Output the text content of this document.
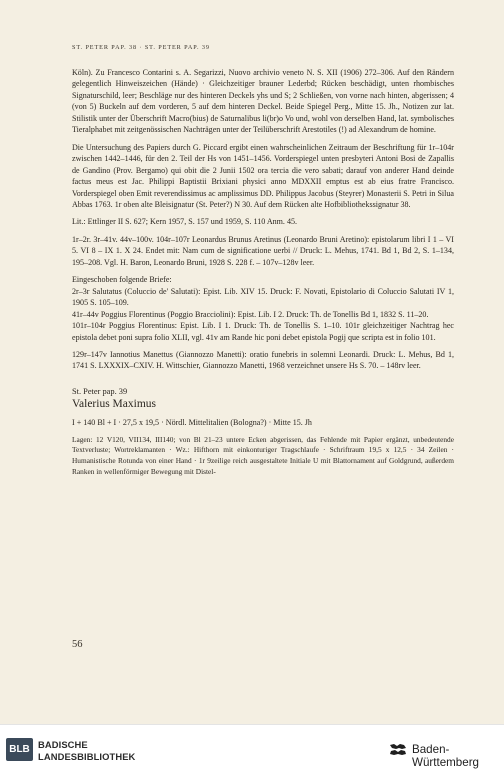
ST. PETER PAP. 38 · ST. PETER PAP. 39

Köln). Zu Francesco Contarini s. A. Segarizzi, Nuovo archivio veneto N. S. XII (1906) 272–306. Auf den Rändern gelegentlich Hinweiszeichen (Hände) · Gleichzeitiger brauner Lederbd; Rücken beschädigt, unten rhombisches Signaturschild, leer; Beschläge nur des hinteren Deckels yhs und S; 2 Schließen, von vorne nach hinten, abgerissen; 4 (von 5) Buckeln auf dem vorderen, 5 auf dem hinteren Deckel. Beide Spiegel Perg., Mitte 15. Jh., Notizen zur lat. Stilistik unter der Überschrift Macro(bius) de Saturnalibus li(br)o Vo und, wohl von derselben Hand, lat. symbolisches Tieralphabet mit zeitgenössischen Nachträgen unter der Teilüberschrift Arestotiles (!) ad Alexandrum de homine.

Die Untersuchung des Papiers durch G. Piccard ergibt einen wahrscheinlichen Zeitraum der Beschriftung für 1r–104r zwischen 1442–1446, für den 2. Teil der Hs von 1451–1456. Vorderspiegel unten presbyteri Antoni Bosi de Zapallis de Gandino (Prov. Bergamo) qui obit die 2 Junii 1502 ora tercia die vero sabati; darauf von anderer Hand deinde factus meus est Jac. Philippi Baptistii Brixiani physici anno MDXXII emptus est ab eius fratre Francisco. Vorderspiegel oben Emit reverendissimus ac amplissimus DD. Philippus Jacobus (Steyrer) Monasterii S. Petri in Silua Abbas 1763. 1r oben alte Bleisignatur (St. Peter?) N 30. Auf dem Rücken alte Hofbibliothekssignatur 38.

Lit.: Ettlinger II S. 627; Kern 1957, S. 157 und 1959, S. 110 Anm. 45.

1r–2r. 3r–41v. 44v–100v. 104r–107r Leonardus Brunus Aretinus (Leonardo Bruni Aretino): epistolarum libri I 1 – VI 5. VI 8 – IX 1. X 24. Endet mit: Nam cum de significatione uerbi // Druck: L. Mehus, 1741. Bd 1, Bd 2, S. 1–134, 195–208. Vgl. H. Baron, Leonardo Bruni, 1928 S. 228 f. – 107v–128v leer.

Eingeschoben folgende Briefe:

2r–3r Salutatus (Coluccio de' Salutati): Epist. Lib. XIV 15. Druck: F. Novati, Epistolario di Coluccio Salutati IV 1, 1905 S. 105–109.

41r–44v Poggius Florentinus (Poggio Bracciolini): Epist. Lib. I 2. Druck: Th. de Tonellis Bd 1, 1832 S. 11–20.

101r–104r Poggius Florentinus: Epist. Lib. I 1. Druck: Th. de Tonellis S. 1–10. 101r gleichzeitiger Nachtrag hec epistola debet poni supra folio XLII, vgl. 41v am Rande hic poni debet epistola Pogij que scripta est in folio 101.

129r–147v Iannotius Manettus (Giannozzo Manetti): oratio funebris in solemni Leonardi. Druck: L. Mehus, Bd 1, 1741 S. LXXXIX–CXIV. H. Wittschier, Giannozzo Manetti, 1968 verzeichnet unsere Hs S. 70. – 148rv leer.

St. Peter pap. 39

Valerius Maximus

I + 140 Bl + I · 27,5 x 19,5 · Nördl. Mittelitalien (Bologna?) · Mitte 15. Jh

Lagen: 12 V120, VII134, III140; von Bl 21–23 untere Ecken abgerissen, das Fehlende mit Papier ergänzt, unbedeutende Textverluste; Wortreklamanten · Wz.: Hifthorn mit einkonturiger Tragschlaufe · Schriftraum 19,5 x 12,5 · 34 Zeilen · Humanistische Rotunda von einer Hand · 1r 9zeilige reich ausgestaltete Initiale U mit Blattornament auf Goldgrund, außerdem Ranken in wellenförmiger Bewegung mit Distel-

56
BLB BADISCHE
LANDESBIBLIOTHEK	Baden-Württemberg
